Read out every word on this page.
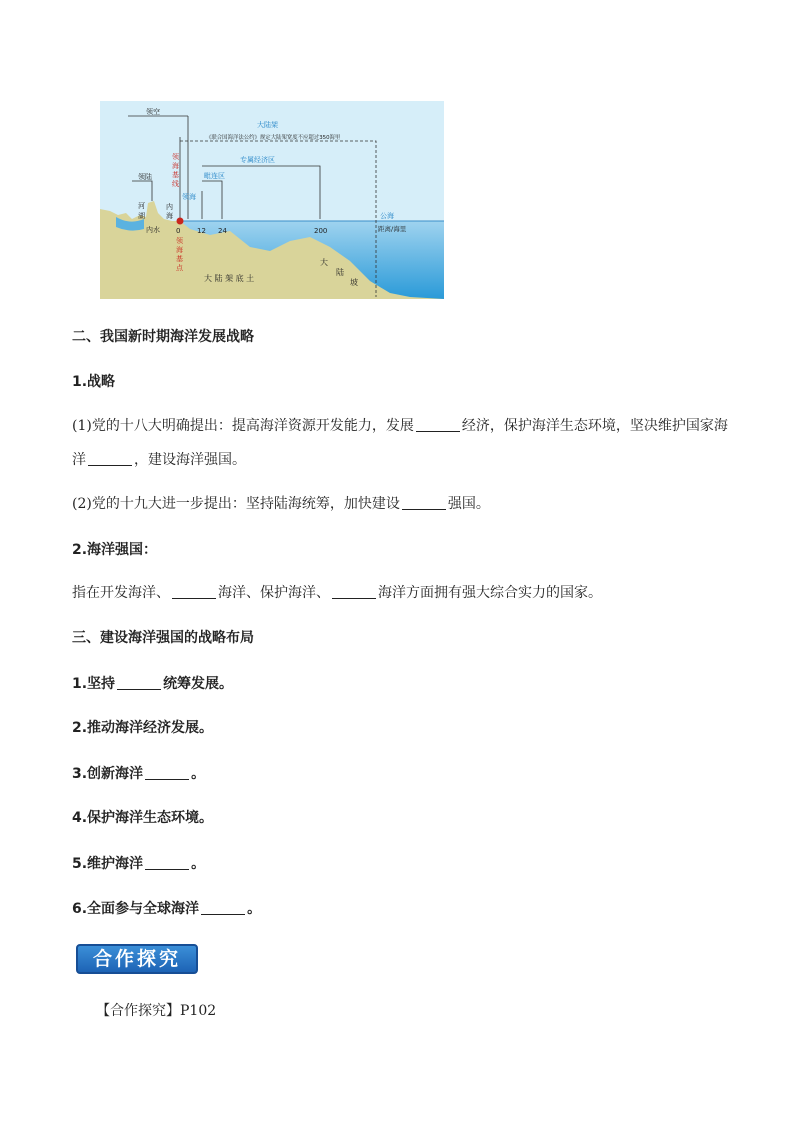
领空
大陆架
《联合国海洋法公约》规定大陆架宽度不应超过350海里
专属经济区
毗连区
领海
领陆
领
海
基
线
河
湖
内
海
内水
公海
距离/海里
0 12 24	200
领
海
基
点
大 陆 架 底 土
大
陆
坡
二、我国新时期海洋发展战略
1.战略
(1)党的十八大明确提出：提高海洋资源开发能力，发展	经济，保护海洋生态环境，坚决维护国家海
洋	，建设海洋强国。
(2)党的十九大进一步提出：坚持陆海统筹，加快建设	强国。
2.海洋强国：
指在开发海洋、	海洋、保护海洋、	海洋方面拥有强大综合实力的国家。
三、建设海洋强国的战略布局
1.坚持	统筹发展。
2.推动海洋经济发展。
3.创新海洋	。
4.保护海洋生态环境。
5.维护海洋	。
6.全面参与全球海洋	。
合作探究
【合作探究】P102
